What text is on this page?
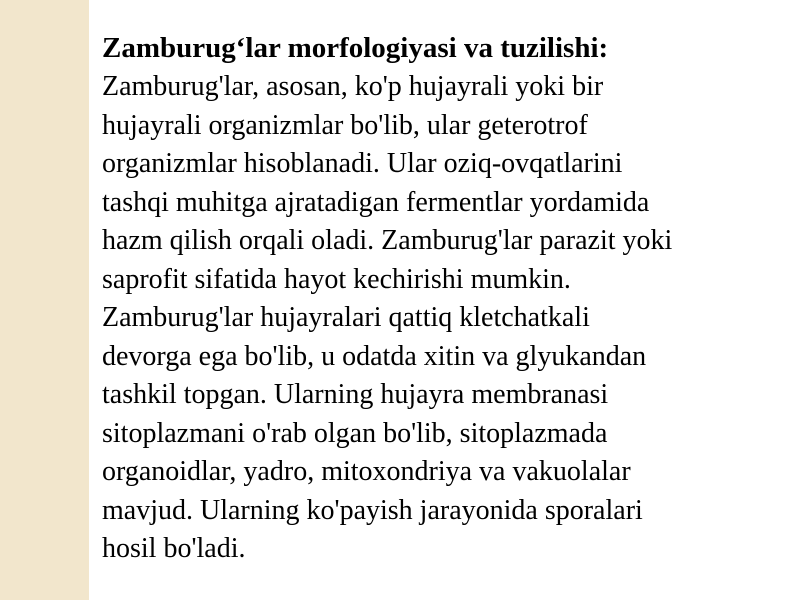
Zamburug‘lar morfologiyasi va tuzilishi:

Zamburug'lar, asosan, ko'p hujayrali yoki bir
hujayrali organizmlar bo'lib, ular geterotrof
organizmlar hisoblanadi. Ular oziq-ovqatlarini
tashqi muhitga ajratadigan fermentlar yordamida
hazm qilish orqali oladi. Zamburug'lar parazit yoki
saprofit sifatida hayot kechirishi mumkin.
Zamburug'lar hujayralari qattiq kletchatkali
devorga ega bo'lib, u odatda xitin va glyukandan
tashkil topgan. Ularning hujayra membranasi
sitoplazmani o'rab olgan bo'lib, sitoplazmada
organoidlar, yadro, mitoxondriya va vakuolalar
mavjud. Ularning ko'payish jarayonida sporalari
hosil bo'ladi.
